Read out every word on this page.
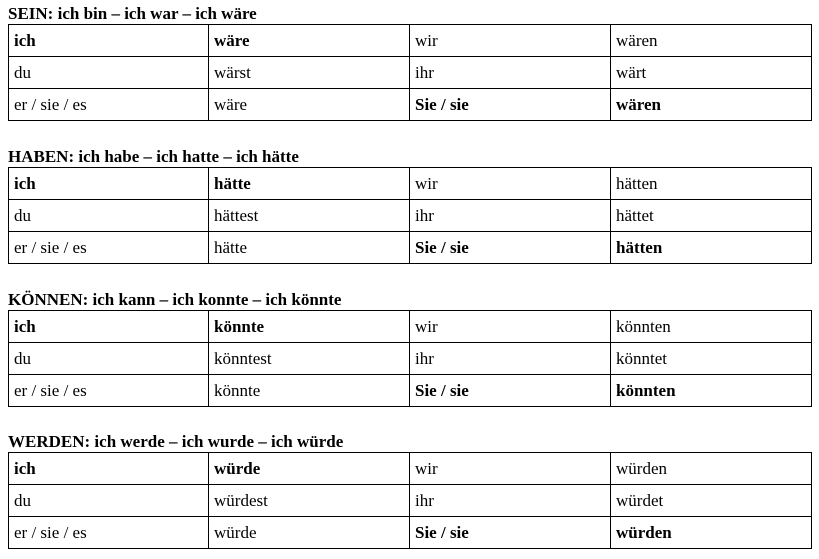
SEIN: ich bin – ich war – ich wäre
ich	wäre	wir	wären
du	wärst	ihr	wärt
er / sie / es	wäre	Sie / sie	wären
HABEN: ich habe – ich hatte – ich hätte
ich	hätte	wir	hätten
du	hättest	ihr	hättet
er / sie / es	hätte	Sie / sie	hätten
KÖNNEN: ich kann – ich konnte – ich könnte
ich	könnte	wir	könnten
du	könntest	ihr	könntet
er / sie / es	könnte	Sie / sie	könnten
WERDEN: ich werde – ich wurde – ich würde
ich	würde	wir	würden
du	würdest	ihr	würdet
er / sie / es	würde	Sie / sie	würden
